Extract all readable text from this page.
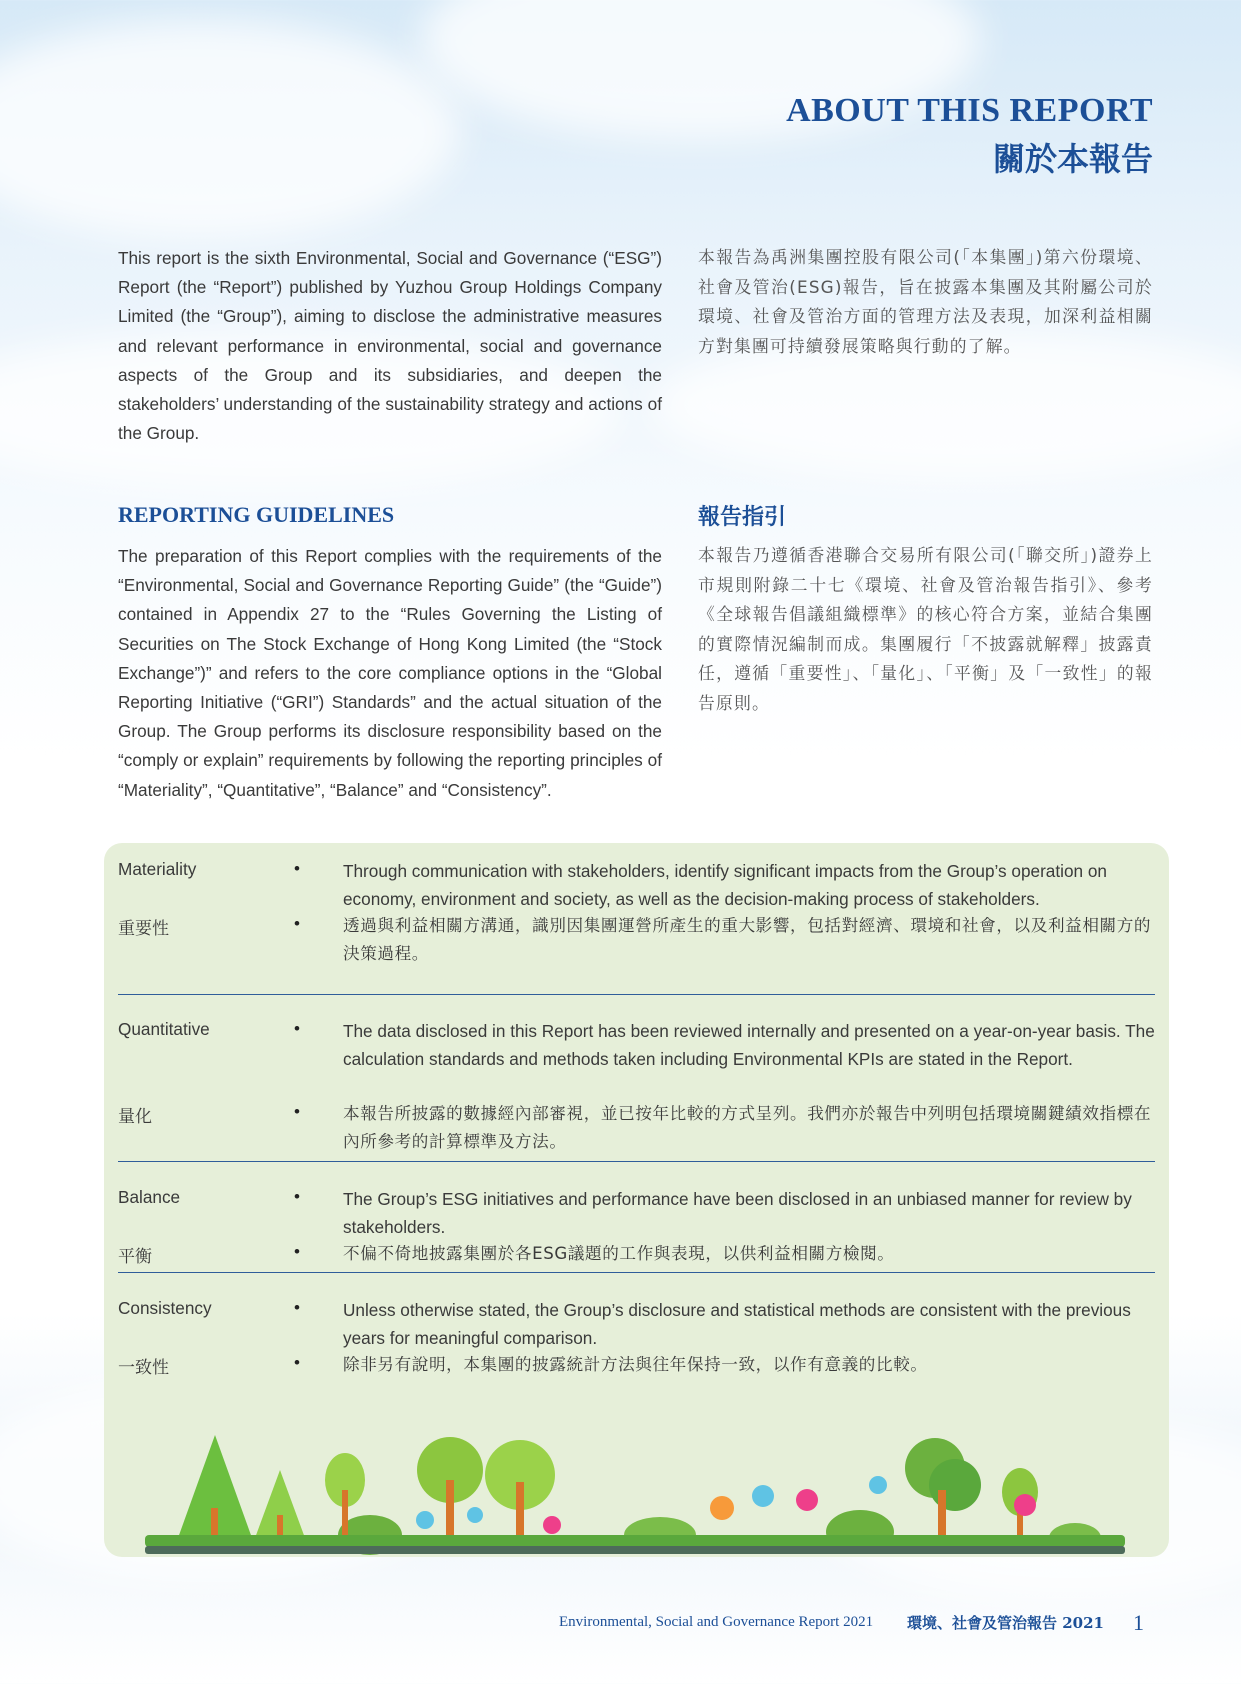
ABOUT THIS REPORT
關於本報告

This report is the sixth Environmental, Social and Governance (“ESG”) Report (the “Report”) published by Yuzhou Group Holdings Company Limited (the “Group”), aiming to disclose the administrative measures and relevant performance in environmental, social and governance aspects of the Group and its subsidiaries, and deepen the stakeholders’ understanding of the sustainability strategy and actions of the Group.

本報告為禹洲集團控股有限公司(「本集團」)第六份環境、社會及管治(ESG)報告，旨在披露本集團及其附屬公司於環境、社會及管治方面的管理方法及表現，加深利益相關方對集團可持續發展策略與行動的了解。

REPORTING GUIDELINES	報告指引

The preparation of this Report complies with the requirements of the “Environmental, Social and Governance Reporting Guide” (the “Guide”) contained in Appendix 27 to the “Rules Governing the Listing of Securities on The Stock Exchange of Hong Kong Limited (the “Stock Exchange”)” and refers to the core compliance options in the “Global Reporting Initiative (“GRI”) Standards” and the actual situation of the Group. The Group performs its disclosure responsibility based on the “comply or explain” requirements by following the reporting principles of “Materiality”, “Quantitative”, “Balance” and “Consistency”.

本報告乃遵循香港聯合交易所有限公司(「聯交所」)證券上市規則附錄二十七《環境、社會及管治報告指引》、參考《全球報告倡議組織標準》的核心符合方案，並結合集團的實際情況編制而成。集團履行「不披露就解釋」披露責任，遵循「重要性」、「量化」、「平衡」及「一致性」的報告原則。

Materiality	•	Through communication with stakeholders, identify significant impacts from the Group’s operation on economy, environment and society, as well as the decision-making process of stakeholders.

重要性	•	透過與利益相關方溝通，識別因集團運營所產生的重大影響，包括對經濟、環境和社會，以及利益相關方的決策過程。

Quantitative	•	The data disclosed in this Report has been reviewed internally and presented on a year-on-year basis. The calculation standards and methods taken including Environmental KPIs are stated in the Report.

量化	•	本報告所披露的數據經內部審視，並已按年比較的方式呈列。我們亦於報告中列明包括環境關鍵績效指標在內所參考的計算標準及方法。

Balance	•	The Group’s ESG initiatives and performance have been disclosed in an unbiased manner for review by stakeholders.

平衡	•	不偏不倚地披露集團於各ESG議題的工作與表現，以供利益相關方檢閱。

Consistency	•	Unless otherwise stated, the Group’s disclosure and statistical methods are consistent with the previous years for meaningful comparison.

一致性	•	除非另有說明，本集團的披露統計方法與往年保持一致，以作有意義的比較。

Environmental, Social and Governance Report 2021 環境、社會及管治報告 2021 1
